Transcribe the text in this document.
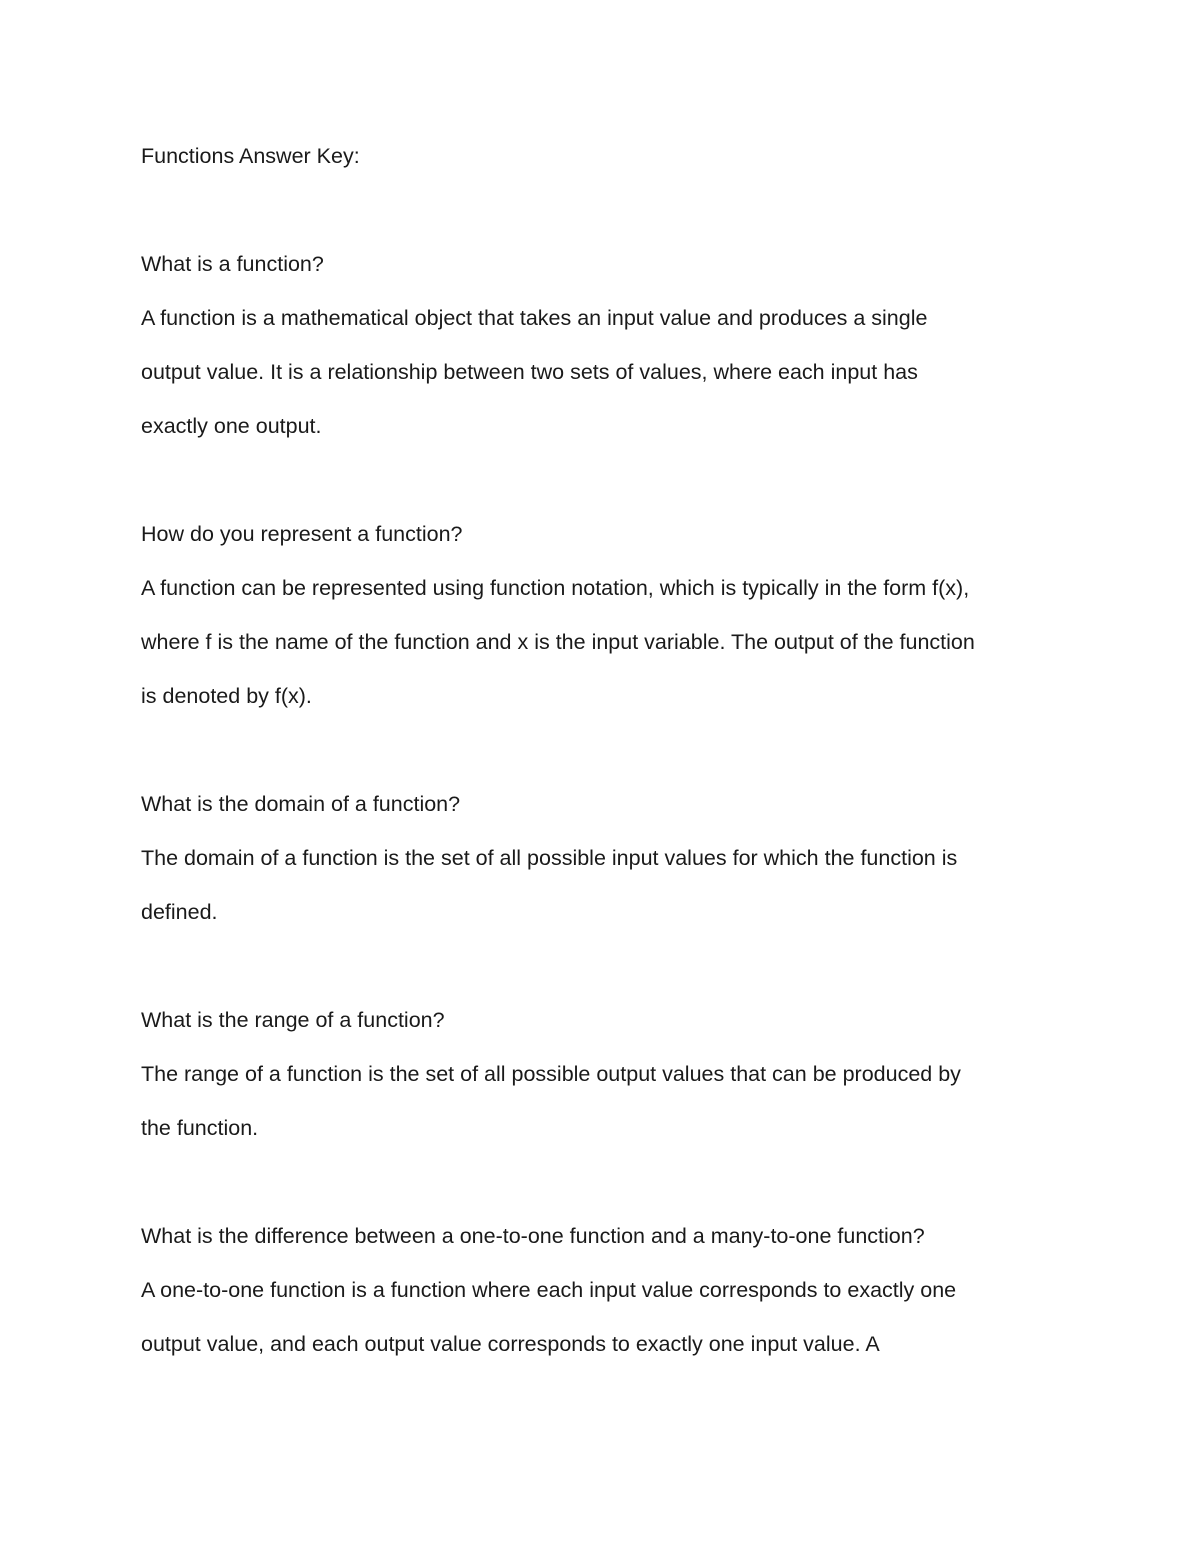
Functions Answer Key:
What is a function?
A function is a mathematical object that takes an input value and produces a single
output value. It is a relationship between two sets of values, where each input has
exactly one output.
How do you represent a function?
A function can be represented using function notation, which is typically in the form f(x),
where f is the name of the function and x is the input variable. The output of the function
is denoted by f(x).
What is the domain of a function?
The domain of a function is the set of all possible input values for which the function is
defined.
What is the range of a function?
The range of a function is the set of all possible output values that can be produced by
the function.
What is the difference between a one-to-one function and a many-to-one function?
A one-to-one function is a function where each input value corresponds to exactly one
output value, and each output value corresponds to exactly one input value. A
